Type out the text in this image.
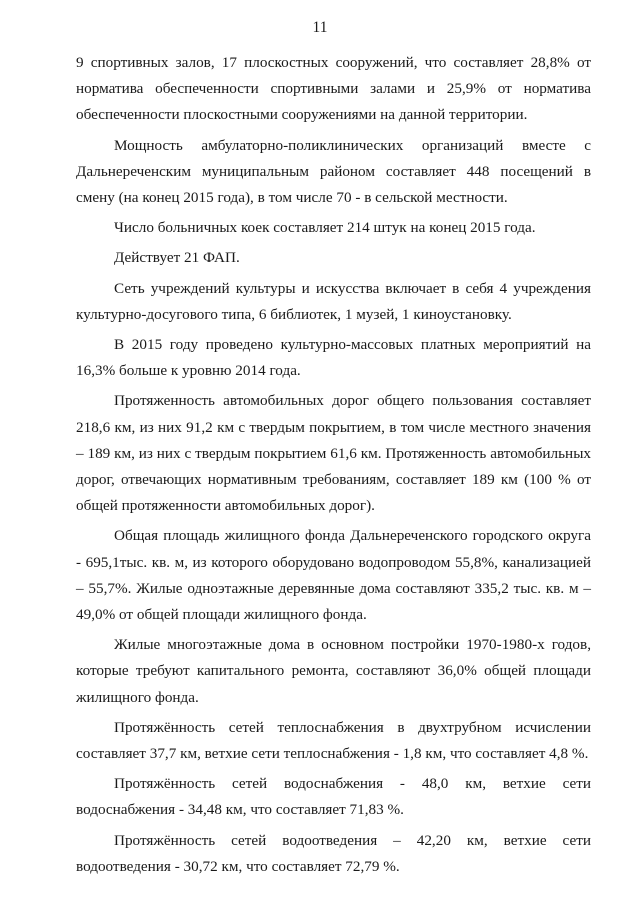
11

9 спортивных залов, 17 плоскостных сооружений, что составляет 28,8% от норматива обеспеченности спортивными залами и 25,9% от норматива обеспеченности плоскостными сооружениями на данной территории.

Мощность амбулаторно-поликлинических организаций вместе с Дальнереченским муниципальным районом составляет 448 посещений в смену (на конец 2015 года), в том числе 70 - в сельской местности.

Число больничных коек составляет 214 штук на конец 2015 года.

Действует 21 ФАП.

Сеть учреждений культуры и искусства включает в себя 4 учреждения культурно-досугового типа, 6 библиотек, 1 музей, 1 киноустановку.

В 2015 году проведено культурно-массовых платных мероприятий на 16,3% больше к уровню 2014 года.

Протяженность автомобильных дорог общего пользования составляет 218,6 км, из них 91,2 км с твердым покрытием, в том числе местного значения – 189 км, из них с твердым покрытием 61,6 км. Протяженность автомобильных дорог, отвечающих нормативным требованиям, составляет 189 км (100 % от общей протяженности автомобильных дорог).

Общая площадь жилищного фонда Дальнереченского городского округа - 695,1тыс. кв. м, из которого оборудовано водопроводом 55,8%, канализацией – 55,7%. Жилые одноэтажные деревянные дома составляют 335,2 тыс. кв. м – 49,0% от общей площади жилищного фонда.

Жилые многоэтажные дома в основном постройки 1970-1980-х годов, которые требуют капитального ремонта, составляют 36,0% общей площади жилищного фонда.

Протяжённость сетей теплоснабжения в двухтрубном исчислении составляет 37,7 км, ветхие сети теплоснабжения - 1,8 км, что составляет 4,8 %.

Протяжённость сетей водоснабжения - 48,0 км, ветхие сети водоснабжения - 34,48 км, что составляет 71,83 %.

Протяжённость сетей водоотведения – 42,20 км, ветхие сети водоотведения - 30,72 км, что составляет 72,79 %.
